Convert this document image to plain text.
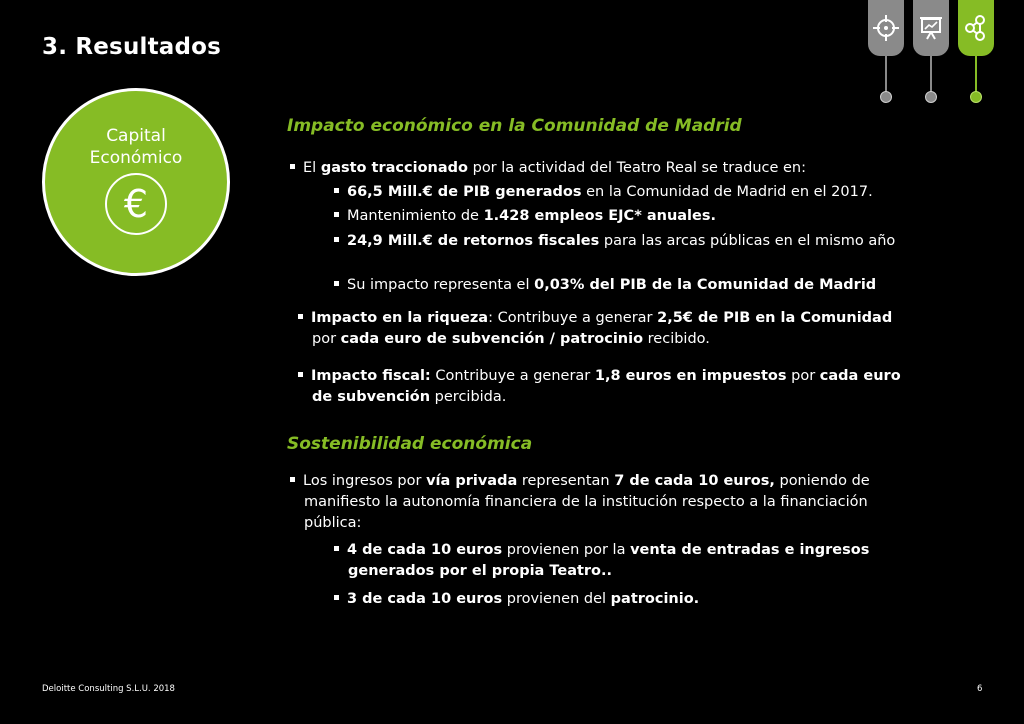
3. Resultados
Capital
Económico
€
Impacto económico en la Comunidad de Madrid
El gasto traccionado por la actividad del Teatro Real se traduce en:
66,5 Mill.€ de PIB generados en la Comunidad de Madrid en el 2017.
Mantenimiento de 1.428 empleos EJC* anuales.
24,9 Mill.€ de retornos fiscales para las arcas públicas en el mismo año
Su impacto representa el 0,03% del PIB de la Comunidad de Madrid
Impacto en la riqueza: Contribuye a generar 2,5€ de PIB en la Comunidad por cada euro de subvención / patrocinio recibido.
Impacto fiscal: Contribuye a generar 1,8 euros en impuestos por cada euro de subvención percibida.
Sostenibilidad económica
Los ingresos por vía privada representan 7 de cada 10 euros, poniendo de manifiesto la autonomía financiera de la institución respecto a la financiación pública:
4 de cada 10 euros provienen por la venta de entradas e ingresos generados por el propia Teatro..
3 de cada 10 euros provienen del patrocinio.
Deloitte Consulting S.L.U. 2018	6
